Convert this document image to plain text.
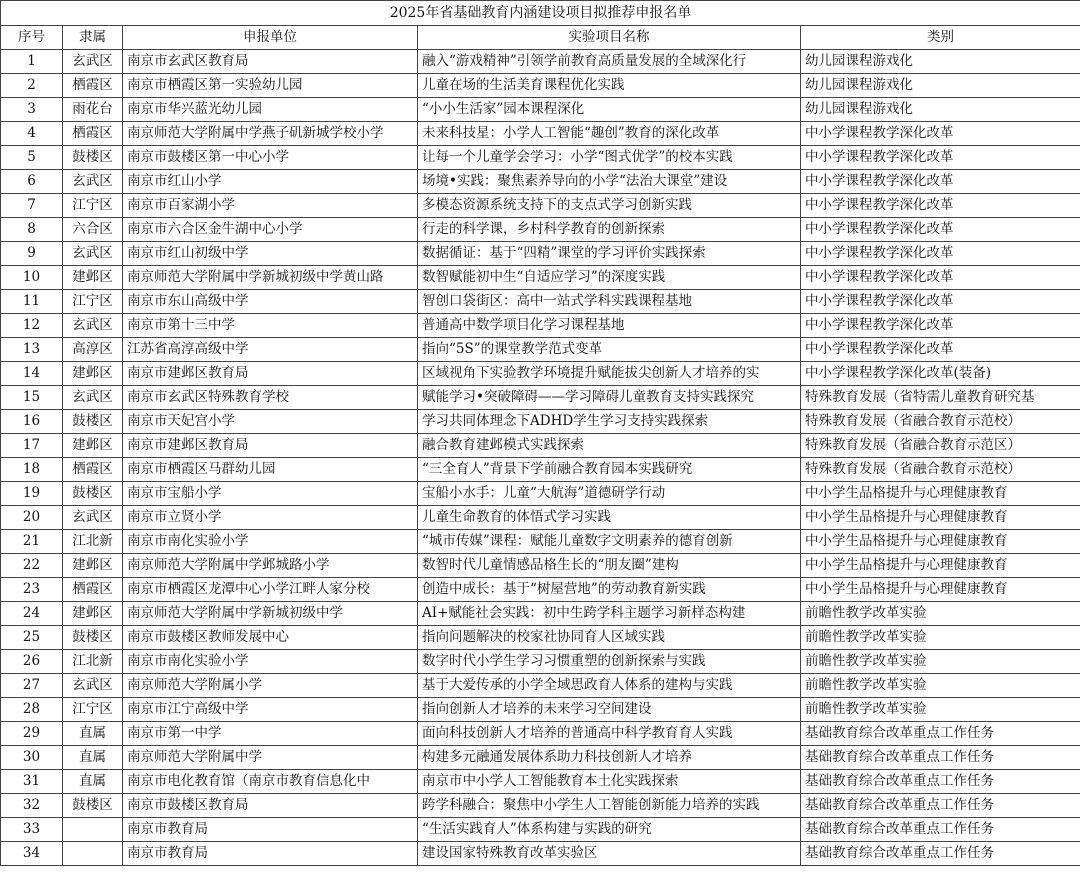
2025年省基础教育内涵建设项目拟推荐申报名单				
序号	隶属	申报单位	实验项目名称	类别
1	玄武区	南京市玄武区教育局	融入“游戏精神”引领学前教育高质量发展的全域深化行	幼儿园课程游戏化
2	栖霞区	南京市栖霞区第一实验幼儿园	儿童在场的生活美育课程优化实践	幼儿园课程游戏化
3	雨花台	南京市华兴蓝光幼儿园	“小小生活家”园本课程深化	幼儿园课程游戏化
4	栖霞区	南京师范大学附属中学燕子矶新城学校小学	未来科技星：小学人工智能“趣创”教育的深化改革	中小学课程教学深化改革
5	鼓楼区	南京市鼓楼区第一中心小学	让每一个儿童学会学习：小学“图式优学”的校本实践	中小学课程教学深化改革
6	玄武区	南京市红山小学	场境•实践：聚焦素养导向的小学“法治大课堂”建设	中小学课程教学深化改革
7	江宁区	南京市百家湖小学	多模态资源系统支持下的支点式学习创新实践	中小学课程教学深化改革
8	六合区	南京市六合区金牛湖中心小学	行走的科学课，乡村科学教育的创新探索	中小学课程教学深化改革
9	玄武区	南京市红山初级中学	数据循证：基于“四精”课堂的学习评价实践探索	中小学课程教学深化改革
10	建邺区	南京师范大学附属中学新城初级中学黄山路	数智赋能初中生“自适应学习”的深度实践	中小学课程教学深化改革
11	江宁区	南京市东山高级中学	智创口袋街区：高中一站式学科实践课程基地	中小学课程教学深化改革
12	玄武区	南京市第十三中学	普通高中数学项目化学习课程基地	中小学课程教学深化改革
13	高淳区	江苏省高淳高级中学	指向“5S”的课堂教学范式变革	中小学课程教学深化改革
14	建邺区	南京市建邺区教育局	区域视角下实验教学环境提升赋能拔尖创新人才培养的实	中小学课程教学深化改革(装备)
15	玄武区	南京市玄武区特殊教育学校	赋能学习•突破障碍——学习障碍儿童教育支持实践探究	特殊教育发展（省特需儿童教育研究基
16	鼓楼区	南京市天妃宫小学	学习共同体理念下ADHD学生学习支持实践探索	特殊教育发展（省融合教育示范校）
17	建邺区	南京市建邺区教育局	融合教育建邺模式实践探索	特殊教育发展（省融合教育示范区）
18	栖霞区	南京市栖霞区马群幼儿园	“三全育人”背景下学前融合教育园本实践研究	特殊教育发展（省融合教育示范校）
19	鼓楼区	南京市宝船小学	宝船小水手：儿童“大航海”道德研学行动	中小学生品格提升与心理健康教育
20	玄武区	南京市立贤小学	儿童生命教育的体悟式学习实践	中小学生品格提升与心理健康教育
21	江北新	南京市南化实验小学	“城市传媒”课程：赋能儿童数字文明素养的德育创新	中小学生品格提升与心理健康教育
22	建邺区	南京师范大学附属中学邺城路小学	数智时代儿童情感品格生长的“朋友圈”建构	中小学生品格提升与心理健康教育
23	栖霞区	南京市栖霞区龙潭中心小学江畔人家分校	创造中成长：基于“树屋营地”的劳动教育新实践	中小学生品格提升与心理健康教育
24	建邺区	南京师范大学附属中学新城初级中学	AI+赋能社会实践：初中生跨学科主题学习新样态构建	前瞻性教学改革实验
25	鼓楼区	南京市鼓楼区教师发展中心	指向问题解决的校家社协同育人区域实践	前瞻性教学改革实验
26	江北新	南京市南化实验小学	数字时代小学生学习习惯重塑的创新探索与实践	前瞻性教学改革实验
27	玄武区	南京师范大学附属小学	基于大爱传承的小学全域思政育人体系的建构与实践	前瞻性教学改革实验
28	江宁区	南京市江宁高级中学	指向创新人才培养的未来学习空间建设	前瞻性教学改革实验
29	直属	南京市第一中学	面向科技创新人才培养的普通高中科学教育育人实践	基础教育综合改革重点工作任务
30	直属	南京师范大学附属中学	构建多元融通发展体系助力科技创新人才培养	基础教育综合改革重点工作任务
31	直属	南京市电化教育馆（南京市教育信息化中	南京市中小学人工智能教育本土化实践探索	基础教育综合改革重点工作任务
32	鼓楼区	南京市鼓楼区教育局	跨学科融合：聚焦中小学生人工智能创新能力培养的实践	基础教育综合改革重点工作任务
33		南京市教育局	“生活实践育人”体系构建与实践的研究	基础教育综合改革重点工作任务
34		南京市教育局	建设国家特殊教育改革实验区	基础教育综合改革重点工作任务
